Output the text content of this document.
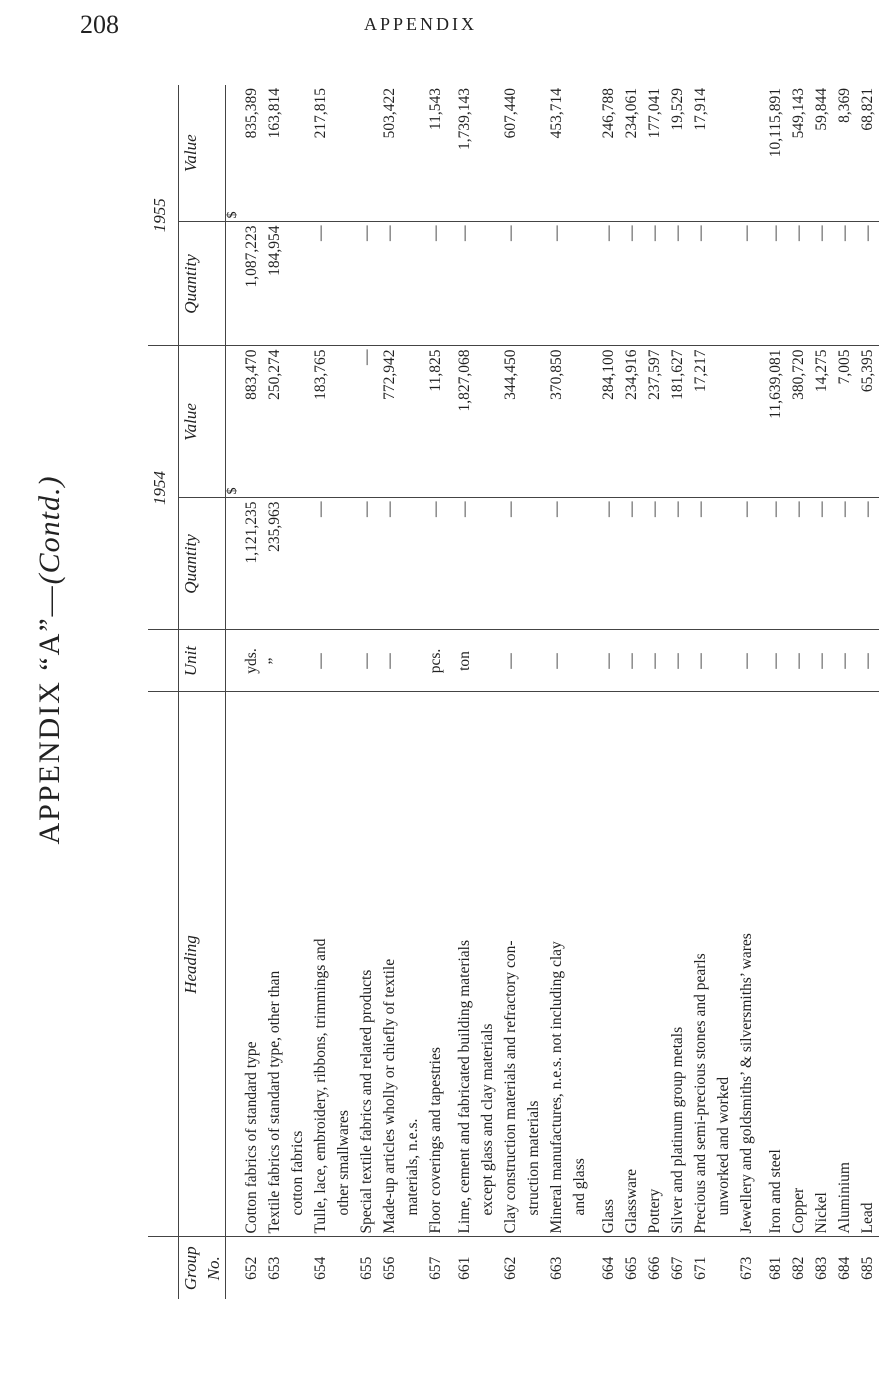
208	APPENDIX
APPENDIX “A”—(Contd.)
				1954		1955	
Group No.	Heading	Unit	Quantity	Value	Quantity	Value
				$		$
652	Cotton fabrics of standard type	yds.	1,121,235	883,470	1,087,223	835,389
653	Textile fabrics of standard type, other than cotton fabrics	”	235,963	250,274	184,954	163,814
654	Tulle, lace, embroidery, ribbons, trimmings and other smallwares	—	—	183,765	—	217,815
655	Special textile fabrics and related products	—	—	—	—	
656	Made-up articles wholly or chiefly of textile materials, n.e.s.	—	—	772,942	—	503,422
657	Floor coverings and tapestries	pcs.	—	11,825	—	11,543
661	Lime, cement and fabricated building materials except glass and clay materials	ton	—	1,827,068	—	1,739,143
662	Clay construction materials and refractory con- struction materials	—	—	344,450	—	607,440
663	Mineral manufactures, n.e.s. not including clay and glass	—	—	370,850	—	453,714
664	Glass	—	—	284,100	—	246,788
665	Glassware	—	—	234,916	—	234,061
666	Pottery	—	—	237,597	—	177,041
667	Silver and platinum group metals	—	—	181,627	—	19,529
671	Precious and semi-precious stones and pearls unworked and worked	—	—	17,217	—	17,914
673	Jewellery and goldsmiths’ & silversmiths’ wares	—	—		—	
681	Iron and steel	—	—	11,639,081	—	10,115,891
682	Copper	—	—	380,720	—	549,143
683	Nickel	—	—	14,275	—	59,844
684	Aluminium	—	—	7,005	—	8,369
685	Lead	—	—	65,395	—	68,821
